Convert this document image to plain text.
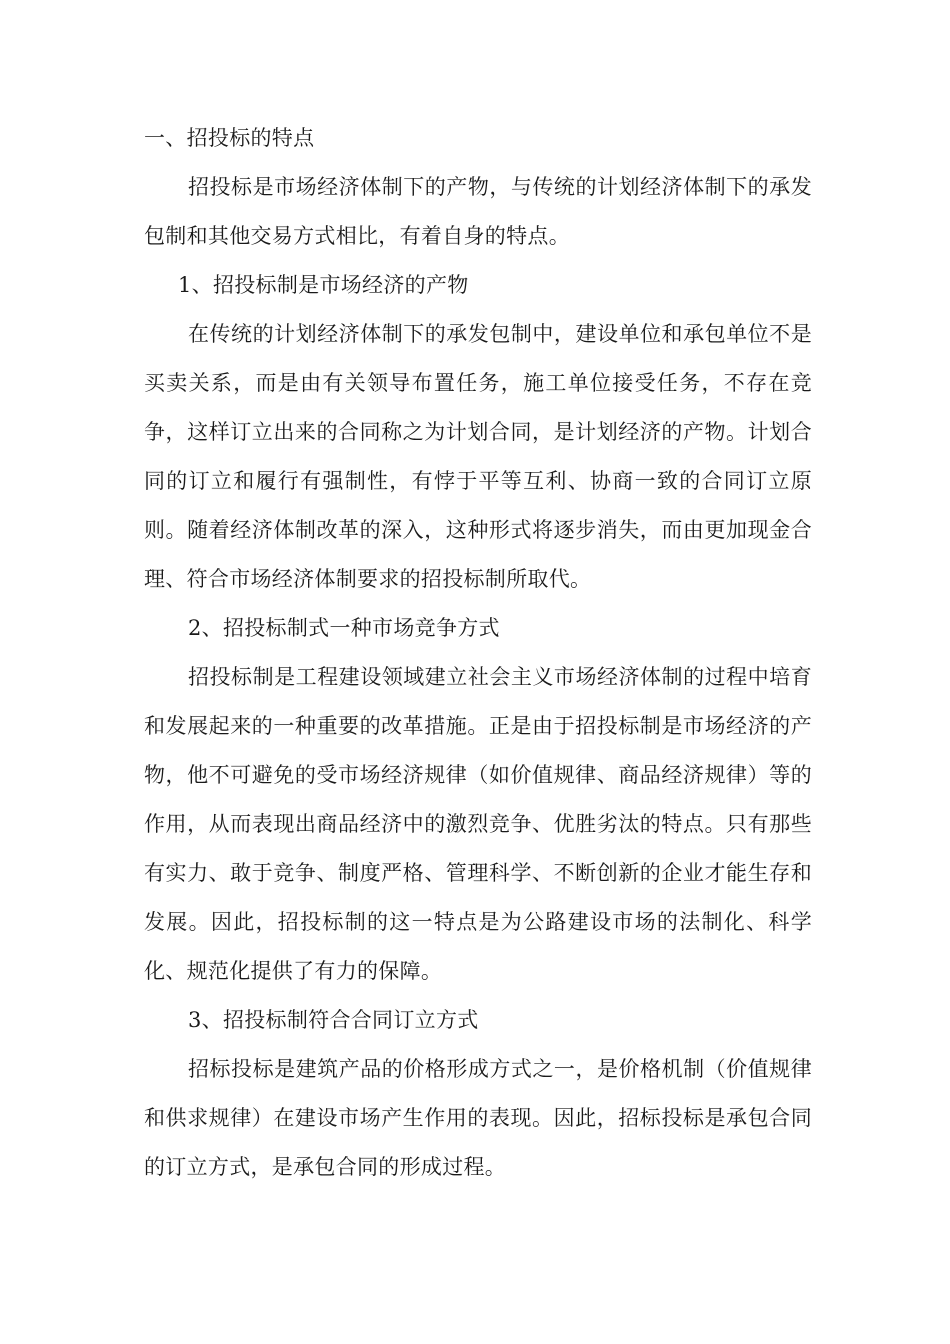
一、招投标的特点

招投标是市场经济体制下的产物，与传统的计划经济体制下的承发包制和其他交易方式相比，有着自身的特点。

1、招投标制是市场经济的产物

在传统的计划经济体制下的承发包制中，建设单位和承包单位不是买卖关系，而是由有关领导布置任务，施工单位接受任务，不存在竞争，这样订立出来的合同称之为计划合同，是计划经济的产物。计划合同的订立和履行有强制性，有悖于平等互利、协商一致的合同订立原则。随着经济体制改革的深入，这种形式将逐步消失，而由更加现金合理、符合市场经济体制要求的招投标制所取代。

2、招投标制式一种市场竞争方式

招投标制是工程建设领域建立社会主义市场经济体制的过程中培育和发展起来的一种重要的改革措施。正是由于招投标制是市场经济的产物，他不可避免的受市场经济规律（如价值规律、商品经济规律）等的作用，从而表现出商品经济中的激烈竞争、优胜劣汰的特点。只有那些有实力、敢于竞争、制度严格、管理科学、不断创新的企业才能生存和发展。因此，招投标制的这一特点是为公路建设市场的法制化、科学化、规范化提供了有力的保障。

3、招投标制符合合同订立方式

招标投标是建筑产品的价格形成方式之一，是价格机制（价值规律和供求规律）在建设市场产生作用的表现。因此，招标投标是承包合同的订立方式，是承包合同的形成过程。
